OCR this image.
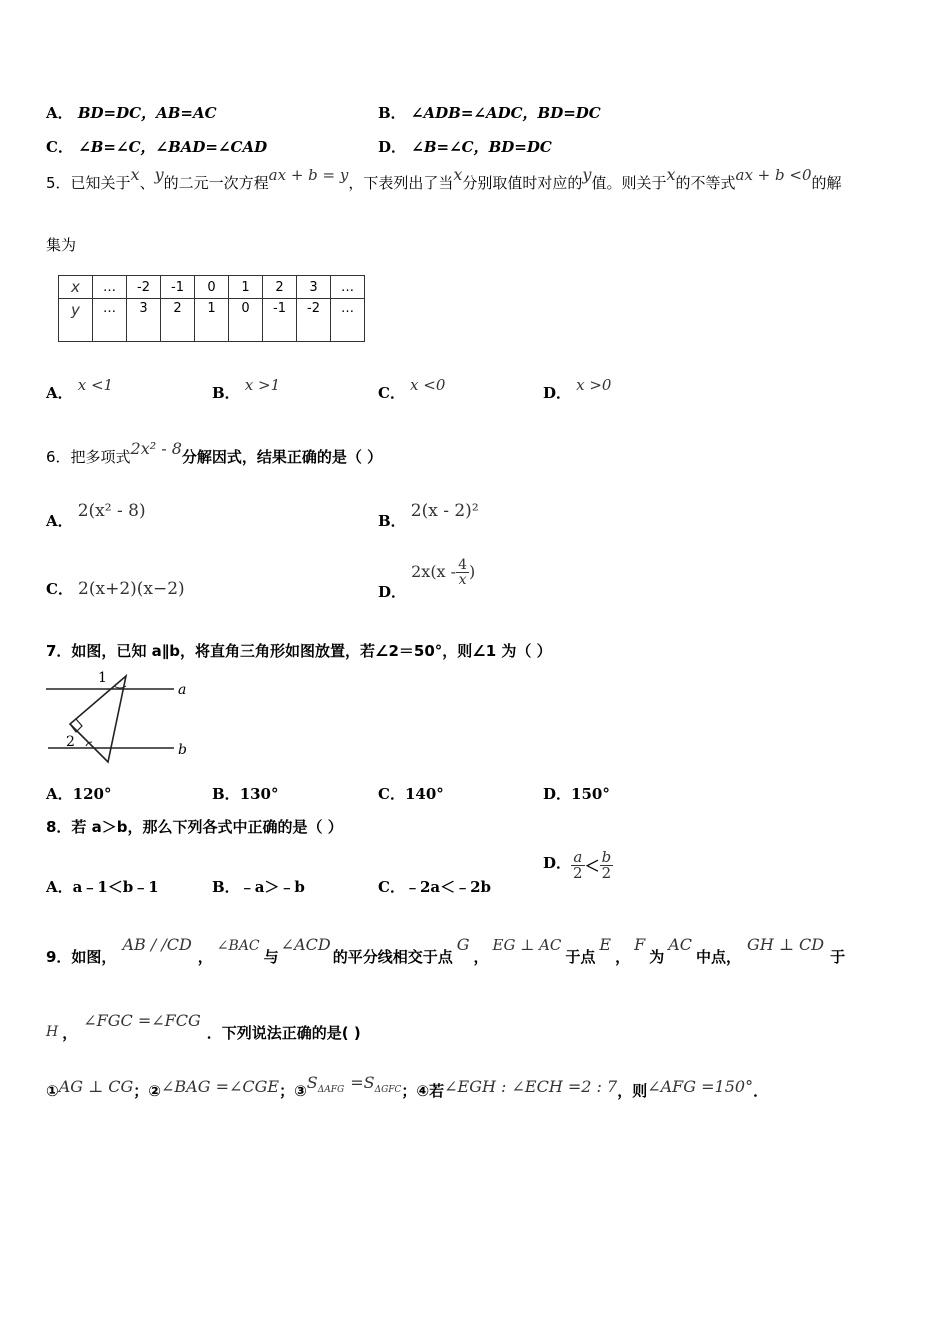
A． BD=DC，AB=AC	B． ∠ADB=∠ADC，BD=DC
C． ∠B=∠C，∠BAD=∠CAD	D． ∠B=∠C，BD=DC
5．已知关于x、y的二元一次方程ax + b = y，下表列出了当x分别取值时对应的y值。则关于x的不等式ax + b <0的解
集为
x	…	-2	-1	0	1	2	3	…
y	…	3	2	1	0	-1	-2	…
A． x <1	B． x >1	C． x <0	D． x >0
6．把多项式2x² - 8分解因式，结果正确的是（ ）
A． 2(x² - 8)	B． 2(x - 2)²
C． 2(x+2)(x−2)	D． $2x(x - \frac{4}{x}$ )
7．如图，已知 a∥b，将直角三角形如图放置，若∠2＝50°，则∠1 为（ ）
1
2
a
b
A．120°	B．130°	C．140°	D．150°
8．若 a＞b，那么下列各式中正确的是（ ）
A．a﹣1＜b﹣1	B．﹣a＞﹣b	C．﹣2a＜﹣2b
D． $\frac{a}{2} < \frac{b}{2}$
9．如图，AB / /CD，∠BAC与∠ACD的平分线相交于点G，EG ⊥ AC于点E，F为AC中点，GH ⊥ CD于
H ，∠FGC =∠FCG．下列说法正确的是( )
①AG ⊥ CG；②∠BAG =∠CGE；$③S_{\Delta AFG} =S_{\Delta GFC}$；④若∠EGH : ∠ECH =2 : 7，则∠AFG =150°．
